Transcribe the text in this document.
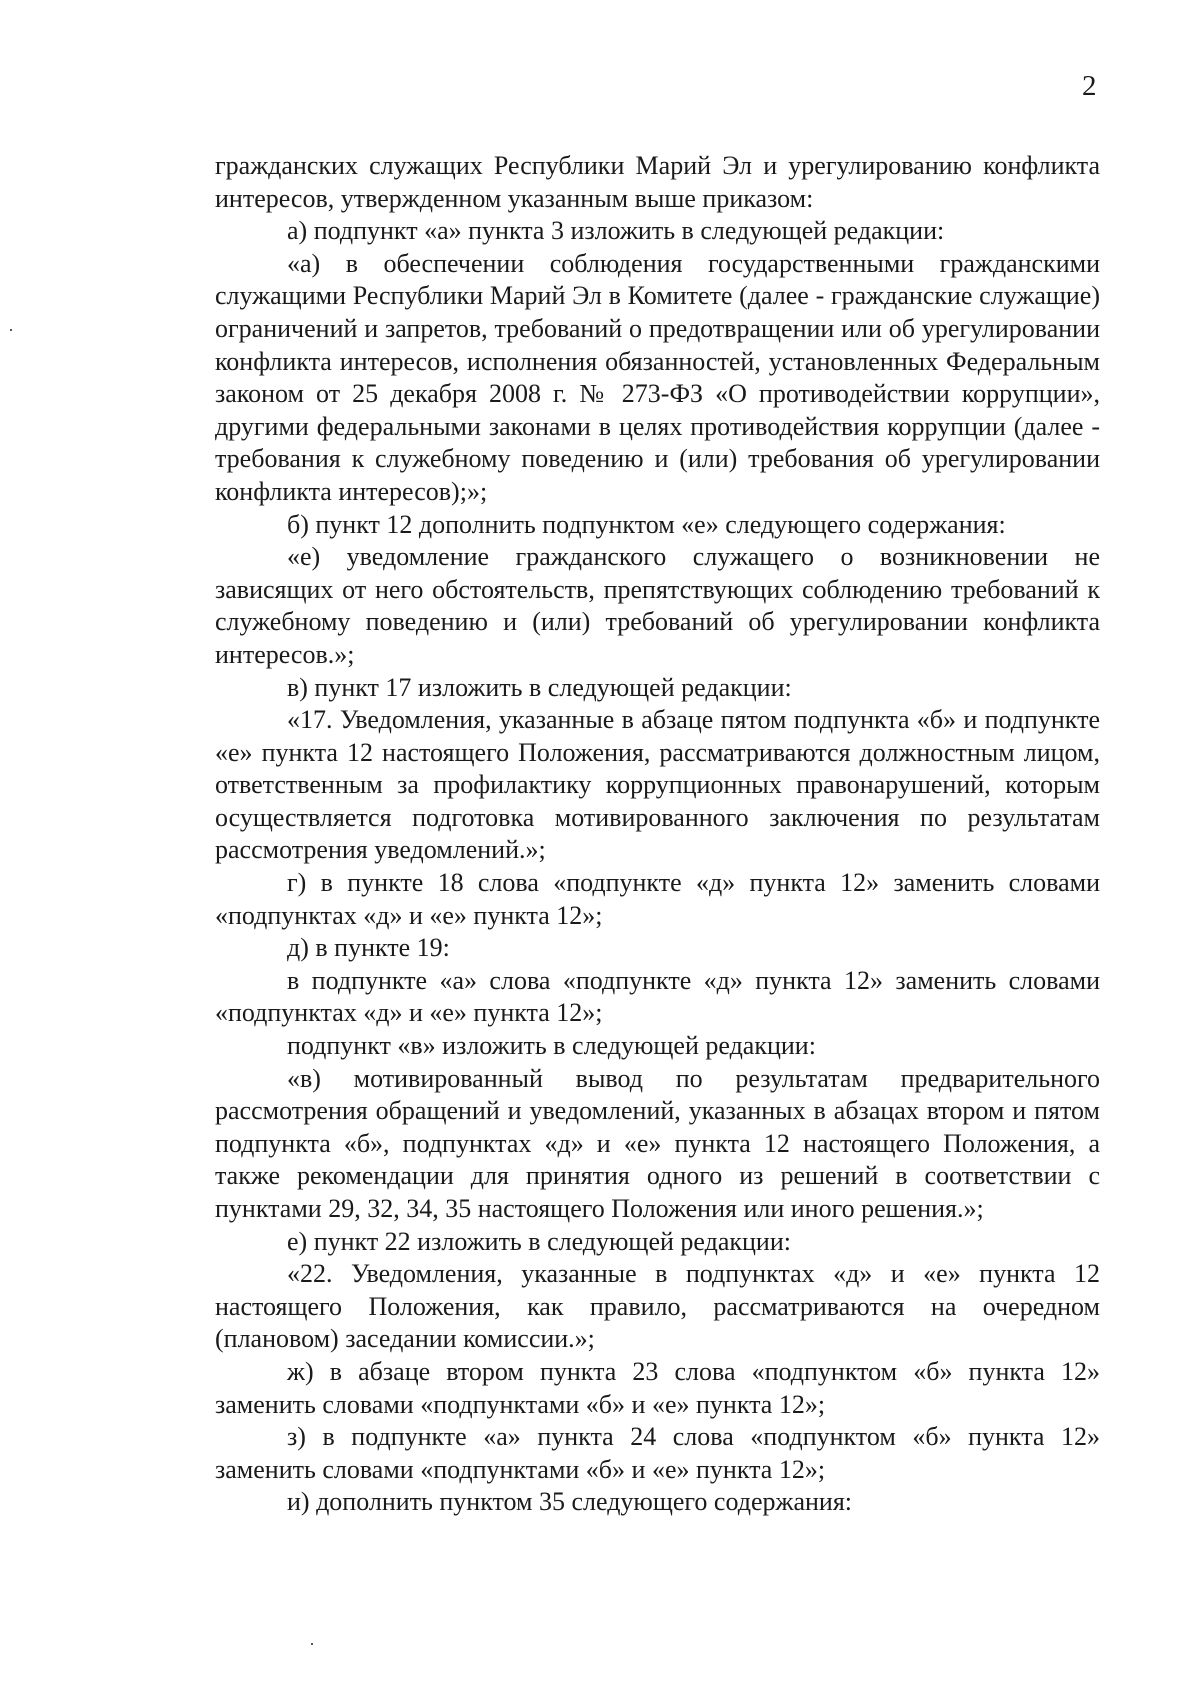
2

гражданских служащих Республики Марий Эл и урегулированию конфликта интересов, утвержденном указанным выше приказом:

а) подпункт «а» пункта 3 изложить в следующей редакции:

«а) в обеспечении соблюдения государственными гражданскими служащими Республики Марий Эл в Комитете (далее - гражданские служащие) ограничений и запретов, требований о предотвращении или об урегулировании конфликта интересов, исполнения обязанностей, установленных Федеральным законом от 25 декабря 2008 г. № 273-ФЗ «О противодействии коррупции», другими федеральными законами в целях противодействия коррупции (далее - требования к служебному поведению и (или) требования об урегулировании конфликта интересов);»;

б) пункт 12 дополнить подпунктом «е» следующего содержания:

«е) уведомление гражданского служащего о возникновении не зависящих от него обстоятельств, препятствующих соблюдению требований к служебному поведению и (или) требований об урегулировании конфликта интересов.»;

в) пункт 17 изложить в следующей редакции:

«17. Уведомления, указанные в абзаце пятом подпункта «б» и подпункте «е» пункта 12 настоящего Положения, рассматриваются должностным лицом, ответственным за профилактику коррупционных правонарушений, которым осуществляется подготовка мотивированного заключения по результатам рассмотрения уведомлений.»;

г) в пункте 18 слова «подпункте «д» пункта 12» заменить словами «подпунктах «д» и «е» пункта 12»;

д) в пункте 19:

в подпункте «а» слова «подпункте «д» пункта 12» заменить словами «подпунктах «д» и «е» пункта 12»;

подпункт «в» изложить в следующей редакции:

«в) мотивированный вывод по результатам предварительного рассмотрения обращений и уведомлений, указанных в абзацах втором и пятом подпункта «б», подпунктах «д» и «е» пункта 12 настоящего Положения, а также рекомендации для принятия одного из решений в соответствии с пунктами 29, 32, 34, 35 настоящего Положения или иного решения.»;

е) пункт 22 изложить в следующей редакции:

«22. Уведомления, указанные в подпунктах «д» и «е» пункта 12 настоящего Положения, как правило, рассматриваются на очередном (плановом) заседании комиссии.»;

ж) в абзаце втором пункта 23 слова «подпунктом «б» пункта 12» заменить словами «подпунктами «б» и «е» пункта 12»;

з) в подпункте «а» пункта 24 слова «подпунктом «б» пункта 12» заменить словами «подпунктами «б» и «е» пункта 12»;

и) дополнить пунктом 35 следующего содержания:
